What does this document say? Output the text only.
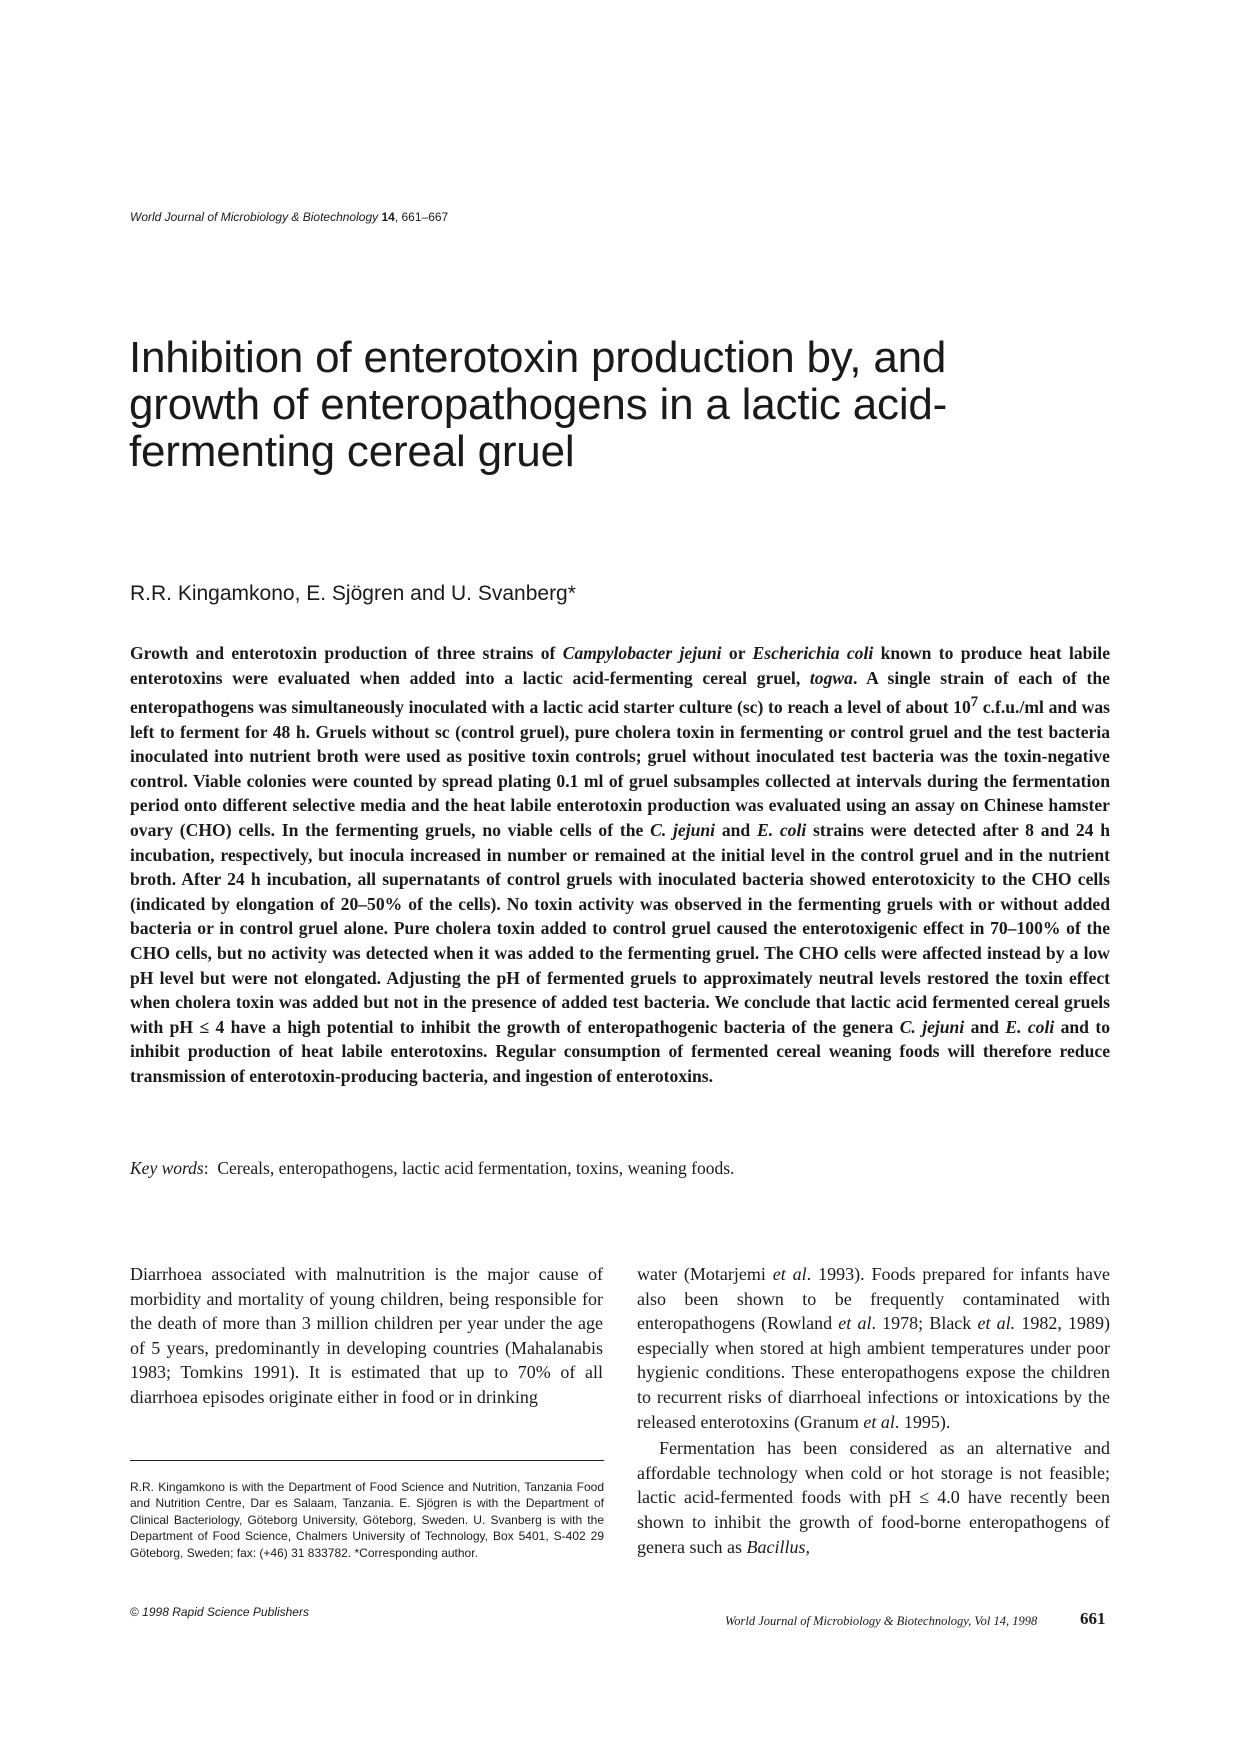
World Journal of Microbiology & Biotechnology 14, 661–667
Inhibition of enterotoxin production by, and growth of enteropathogens in a lactic acid-fermenting cereal gruel
R.R. Kingamkono, E. Sjögren and U. Svanberg*

Growth and enterotoxin production of three strains of Campylobacter jejuni or Escherichia coli known to produce heat labile enterotoxins were evaluated when added into a lactic acid-fermenting cereal gruel, togwa. A single strain of each of the enteropathogens was simultaneously inoculated with a lactic acid starter culture (sc) to reach a level of about $10^7$ c.f.u./ml and was left to ferment for 48 h. Gruels without sc (control gruel), pure cholera toxin in fermenting or control gruel and the test bacteria inoculated into nutrient broth were used as positive toxin controls; gruel without inoculated test bacteria was the toxin-negative control. Viable colonies were counted by spread plating 0.1 ml of gruel subsamples collected at intervals during the fermentation period onto different selective media and the heat labile enterotoxin production was evaluated using an assay on Chinese hamster ovary (CHO) cells. In the fermenting gruels, no viable cells of the C. jejuni and E. coli strains were detected after 8 and 24 h incubation, respectively, but inocula increased in number or remained at the initial level in the control gruel and in the nutrient broth. After 24 h incubation, all supernatants of control gruels with inoculated bacteria showed enterotoxicity to the CHO cells (indicated by elongation of 20–50% of the cells). No toxin activity was observed in the fermenting gruels with or without added bacteria or in control gruel alone. Pure cholera toxin added to control gruel caused the enterotoxigenic effect in 70–100% of the CHO cells, but no activity was detected when it was added to the fermenting gruel. The CHO cells were affected instead by a low pH level but were not elongated. Adjusting the pH of fermented gruels to approximately neutral levels restored the toxin effect when cholera toxin was added but not in the presence of added test bacteria. We conclude that lactic acid fermented cereal gruels with pH ≤ 4 have a high potential to inhibit the growth of enteropathogenic bacteria of the genera C. jejuni and E. coli and to inhibit production of heat labile enterotoxins. Regular consumption of fermented cereal weaning foods will therefore reduce transmission of enterotoxin-producing bacteria, and ingestion of enterotoxins.

Key words: Cereals, enteropathogens, lactic acid fermentation, toxins, weaning foods.

Diarrhoea associated with malnutrition is the major cause of morbidity and mortality of young children, being responsible for the death of more than 3 million children per year under the age of 5 years, predominantly in developing countries (Mahalanabis 1983; Tomkins 1991). It is estimated that up to 70% of all diarrhoea episodes originate either in food or in drinking

water (Motarjemi et al. 1993). Foods prepared for infants have also been shown to be frequently contaminated with enteropathogens (Rowland et al. 1978; Black et al. 1982, 1989) especially when stored at high ambient temperatures under poor hygienic conditions. These enteropathogens expose the children to recurrent risks of diarrhoeal infections or intoxications by the released enterotoxins (Granum et al. 1995).

Fermentation has been considered as an alternative and affordable technology when cold or hot storage is not feasible; lactic acid-fermented foods with pH ≤ 4.0 have recently been shown to inhibit the growth of food-borne enteropathogens of genera such as Bacillus,

R.R. Kingamkono is with the Department of Food Science and Nutrition, Tanzania Food and Nutrition Centre, Dar es Salaam, Tanzania. E. Sjögren is with the Department of Clinical Bacteriology, Göteborg University, Göteborg, Sweden. U. Svanberg is with the Department of Food Science, Chalmers University of Technology, Box 5401, S-402 29 Göteborg, Sweden; fax: (+46) 31 833782. *Corresponding author.

© 1998 Rapid Science Publishers
World Journal of Microbiology & Biotechnology, Vol 14, 1998	661
